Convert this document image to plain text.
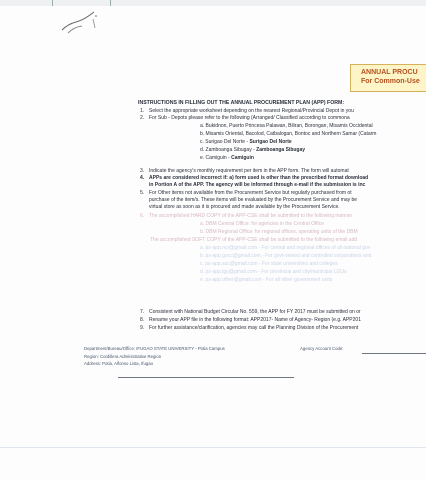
ANNUAL PROCU
For Common-Use
INSTRUCTIONS IN FILLING OUT THE ANNUAL PROCUREMENT PLAN (APP) FORM:
1. Select the appropriate worksheet depending on the nearest Regional/Provincial Depot in you
2. For Sub - Depots please refer to the following (Arranged/ Classified according to commona
a. Bukidnon, Puerto Princesa Palawan, Biliran, Borongan, Misamis Occidental
b. Misamis Oriental, Bacolod, Catbalogan, Bontoc and Northern Samar (Catarm
c. Surigao Del Norte - Surigao Del Norte
d. Zamboanga Sibugay - Zamboanga Sibugay
e. Camiguin - Camiguin
3. Indicate the agency's monthly requirement per item in the APP form. The form will automat
4. APPs are considered incorrect if: a) form used is other than the prescribed format download
in Portion A of the APP. The agency will be informed through e-mail if the submission is inc
5. For Other items not available from the Procurement Service but regularly purchased from ot
purchase of the item/s. These items will be evaluated by the Procurement Service and may be
virtual store as soon as it is procured and made available by the Procurement Service.
6. The accomplished HARD COPY of the APP-CSE shall be submitted to the following manner
a. DBM Central Office: for agencies in the Central Office
b. DBM Regional Office: for regional offices, operating units of the DBM
The accomplished SOFT COPY of the APP-CSE shall be submitted to the following email add
a. ps-app.ncr@gmail.com - For central and regional offices of all national gov
b. ps-app.gocc@gmail.com - For govt-owned and controlled corporations and
c. ps-app.suc@gmail.com - For state universities and colleges
d. ps-app.lgu@gmail.com - For provincial and city/municipal LGUs
e. ps-app.other@gmail.com - For all other government units
7. Consistent with National Budget Circular No. 559, the APP for FY 2017 must be submitted on or
8. Rename your APP file in the following format: APP2017- Name of Agency- Region (e.g. APP201
9. For further assistance/clarification, agencies may call the Planning Division of the Procurement
Department/Bureau/Office: IFUGAO STATE UNIVERSITY - Potia Campus
Region: Cordillera Administrative Region
Address: Potia, Alfonso Lista, Ifugao
Agency Account Code:
